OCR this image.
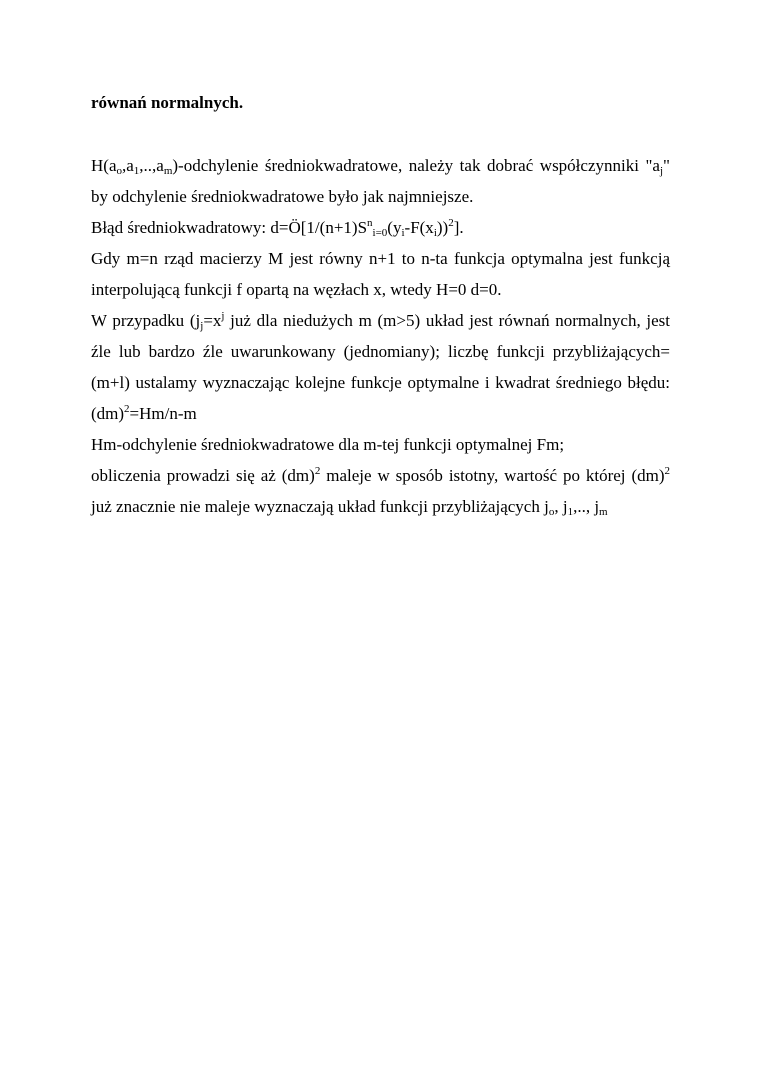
równań normalnych.

$H(a_o,a_1,..,a_m)$-odchylenie średniokwadratowe, należy tak dobrać współczynniki "$a_j$" by odchylenie średniokwadratowe było jak najmniejsze.

Błąd średniokwadratowy: $d=Ö[1/(n+1)S^n_{i=0}(y_i-F(x_i))^2]$.

Gdy m=n rząd macierzy M jest równy n+1 to n-ta funkcja optymalna jest funkcją interpolującą funkcji f opartą na węzłach x, wtedy H=0 d=0.

W przypadku ($j_j=x^j$ już dla niedużych m (m>5) układ jest równań normalnych, jest źle lub bardzo źle uwarunkowany (jednomiany); liczbę funkcji przybliżających=(m+l) ustalamy wyznaczając kolejne funkcje optymalne i kwadrat średniego błędu: (dm)$^2$=Hm/n-m

Hm-odchylenie średniokwadratowe dla m-tej funkcji optymalnej Fm;

obliczenia prowadzi się aż (dm)$^2$ maleje w sposób istotny, wartość po której (dm)$^2$ już znacznie nie maleje wyznaczają układ funkcji przybliżających $j_o$, $j_1$,.., $j_m$
